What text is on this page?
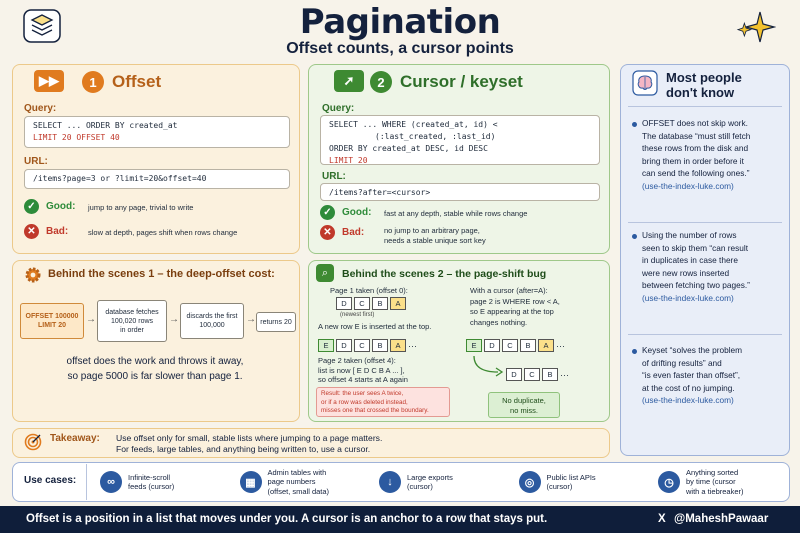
Pagination
Offset counts, a cursor points
▶▶	1 Offset
Query:
SELECT ... ORDER BY created_at
LIMIT 20 OFFSET 40
URL:
/items?page=3 or ?limit=20&offset=40
✓	Good: jump to any page, trivial to write
✕	Bad:	slow at depth, pages shift when rows change
➚	2 Cursor / keyset
Query:
SELECT ... WHERE (created_at, id) <
(:last_created, :last_id)
ORDER BY created_at DESC, id DESC
LIMIT 20
URL:
/items?after=<cursor>
✓	Good: fast at any depth, stable while rows change
✕	Bad:	no jump to an arbitrary page,
needs a stable unique sort key
Behind the scenes 1 – the deep-offset cost:
OFFSET 100000
LIMIT 20
→
database fetches
100,020 rows
in order
→ discards the first
100,000
→ returns 20
offset does the work and throws it away,
so page 5000 is far slower than page 1.
⌕	Behind the scenes 2 – the page-shift bug
Page 1 taken (offset 0):
D	C	B	A
(newest first)
A new row E is inserted at the top.
E	D	C	B	A ···
Page 2 taken (offset 4):
list is now [ E D C B A ... ],
so offset 4 starts at A again
Result: the user sees A twice,
or if a row was deleted instead,
misses one that crossed the boundary.
With a cursor (after=A):
page 2 is WHERE row < A,
so E appearing at the top
changes nothing.
E	D	C	B	A ···
D	C	B ···
No duplicate,
no miss.
Most people
don't know
OFFSET does not skip work.
The database “must still fetch
these rows from the disk and
bring them in order before it
can send the following ones.”
(use-the-index-luke.com)
Using the number of rows
seen to skip them “can result
in duplicates in case there
were new rows inserted
between fetching two pages.”
(use-the-index-luke.com)
Keyset “solves the problem
of drifting results” and
“is even faster than offset”,
at the cost of no jumping.
(use-the-index-luke.com)
Takeaway: Use offset only for small, stable lists where jumping to a page matters.
For feeds, large tables, and anything being written to, use a cursor.
Use cases:	∞	Infinite-scroll
feeds (cursor)	▦
Admin tables with
page numbers
(offset, small data)
↓	Large exports
(cursor)	◎	Public list APIs
(cursor)	◷
Anything sorted
by time (cursor
with a tiebreaker)
Offset is a position in a list that moves under you. A cursor is an anchor to a row that stays put.	X @MaheshPawaar
